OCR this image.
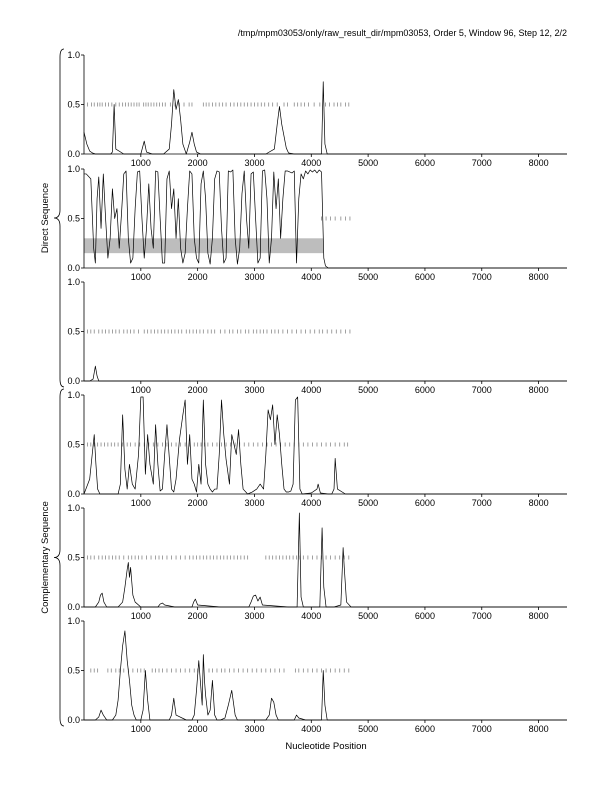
/tmp/mpm03053/only/raw_result_dir/mpm03053, Order 5, Window 96, Step 12, 2/2
Direct Sequence
Complementary Sequence
0.0
0.5
1.0
1000	2000	3000	4000	5000	6000	7000	8000
0.0
0.5
1.0
1000	2000	3000	4000	5000	6000	7000	8000
0.0
0.5
1.0
1000	2000	3000	4000	5000	6000	7000	8000
0.0
0.5
1.0
1000	2000	3000	4000	5000	6000	7000	8000
0.0
0.5
1.0
1000	2000	3000	4000	5000	6000	7000	8000
0.0
0.5
1.0
1000	2000	3000	4000	5000	6000	7000	8000
Nucleotide Position
